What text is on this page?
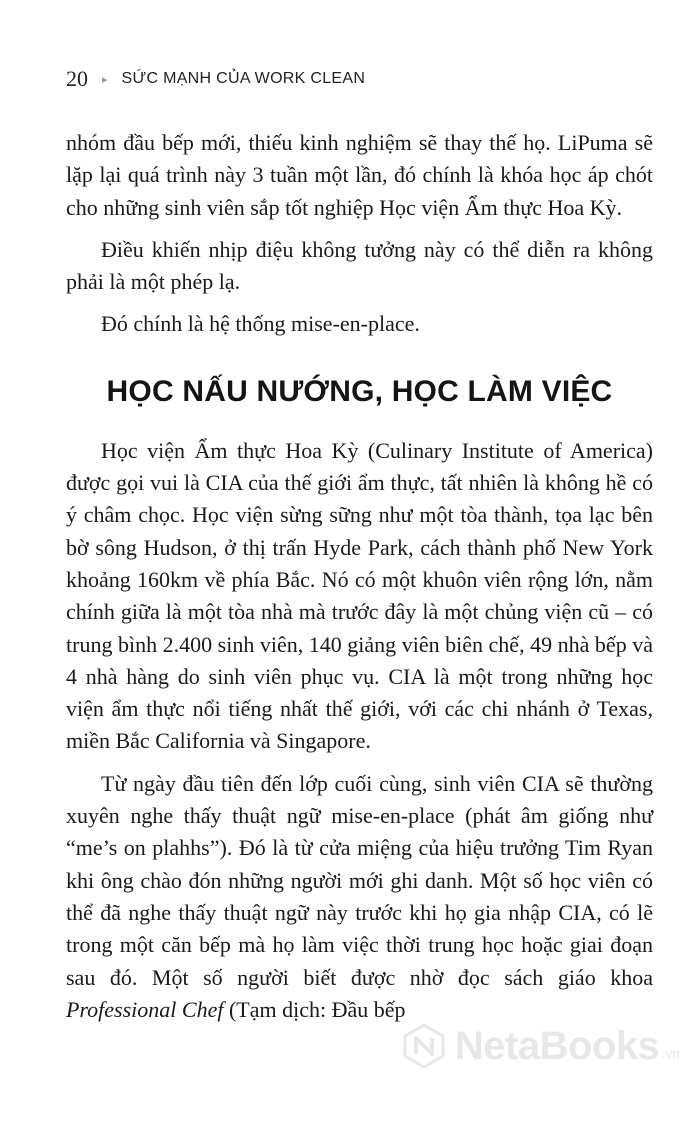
20 ▸ SỨC MẠNH CỦA WORK CLEAN

nhóm đầu bếp mới, thiếu kinh nghiệm sẽ thay thế họ. LiPuma sẽ lặp lại quá trình này 3 tuần một lần, đó chính là khóa học áp chót cho những sinh viên sắp tốt nghiệp Học viện Ẩm thực Hoa Kỳ.

Điều khiến nhịp điệu không tưởng này có thể diễn ra không phải là một phép lạ.

Đó chính là hệ thống mise-en-place.

HỌC NẤU NƯỚNG, HỌC LÀM VIỆC

Học viện Ẩm thực Hoa Kỳ (Culinary Institute of America) được gọi vui là CIA của thế giới ẩm thực, tất nhiên là không hề có ý châm chọc. Học viện sừng sững như một tòa thành, tọa lạc bên bờ sông Hudson, ở thị trấn Hyde Park, cách thành phố New York khoảng 160km về phía Bắc. Nó có một khuôn viên rộng lớn, nằm chính giữa là một tòa nhà mà trước đây là một chủng viện cũ – có trung bình 2.400 sinh viên, 140 giảng viên biên chế, 49 nhà bếp và 4 nhà hàng do sinh viên phục vụ. CIA là một trong những học viện ẩm thực nổi tiếng nhất thế giới, với các chi nhánh ở Texas, miền Bắc California và Singapore.

Từ ngày đầu tiên đến lớp cuối cùng, sinh viên CIA sẽ thường xuyên nghe thấy thuật ngữ mise-en-place (phát âm giống như “me’s on plahhs”). Đó là từ cửa miệng của hiệu trưởng Tim Ryan khi ông chào đón những người mới ghi danh. Một số học viên có thể đã nghe thấy thuật ngữ này trước khi họ gia nhập CIA, có lẽ trong một căn bếp mà họ làm việc thời trung học hoặc giai đoạn sau đó. Một số người biết được nhờ đọc sách giáo khoa Professional Chef (Tạm dịch: Đầu bếp

NetaBooks .vn
